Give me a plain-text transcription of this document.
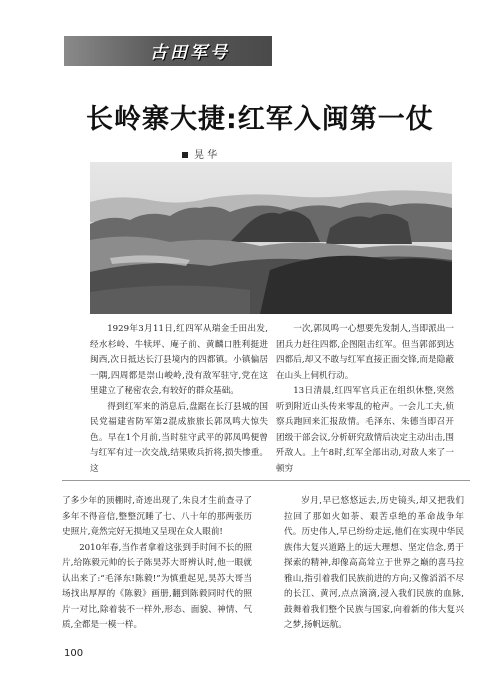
古田军号
长岭寨大捷:红军入闽第一仗
晃 华

1929年3月11日,红四军从瑞金壬田出发,经水杉岭、牛犊坪、庵子前、黄麟口胜利挺进闽西,次日抵达长汀县境内的四都镇。小镇偏居一隅,四周都是崇山峻岭,没有敌军驻守,党在这里建立了秘密农会,有较好的群众基础。

得到红军来的消息后,盘踞在长汀县城的国民党福建省防军第2混成旅旅长郭凤鸣大惊失色。早在1个月前,当时驻守武平的郭凤鸣便曾与红军有过一次交战,结果败兵折将,损失惨重。这

一次,郭凤鸣一心想要先发制人,当即派出一团兵力赶往四都,企图阻击红军。但当郭部到达四都后,却又不敢与红军直接正面交锋,而是隐蔽在山头上伺机行动。

13日清晨,红四军官兵正在组织休整,突然听到附近山头传来零乱的枪声。一会儿工夫,侦察兵跑回来汇报敌情。毛泽东、朱德当即召开团级干部会议,分析研究敌情后决定主动出击,围歼敌人。上午8时,红军全部出动,对敌人来了一顿穷

了多少年的顶棚时,奇迹出现了,朱良才生前查寻了多年不得音信,整整沉睡了七、八十年的那两张历史照片,竟然完好无损地又呈现在众人眼前!

2010年春,当作者拿着这张到手时间不长的照片,给陈毅元帅的长子陈昊苏大哥辨认时,他一眼就认出来了:“毛泽东!陈毅!”为慎重起见,昊苏大哥当场找出厚厚的《陈毅》画册,翻到陈毅同时代的照片一对比,除着装不一样外,形态、面貌、神情、气质,全都是一模一样。

岁月,早已悠悠远去,历史镜头,却又把我们拉回了那如火如荼、艰苦卓绝的革命战争年代。历史伟人,早已纷纷走远,他们在实现中华民族伟大复兴道路上的远大理想、坚定信念,勇于探索的精神,却像高高耸立于世界之巅的喜马拉雅山,指引着我们民族前进的方向;又像滔滔不尽的长江、黄河,点点滴滴,浸入我们民族的血脉,鼓舞着我们整个民族与国家,向着新的伟大复兴之梦,扬帆远航。

100
